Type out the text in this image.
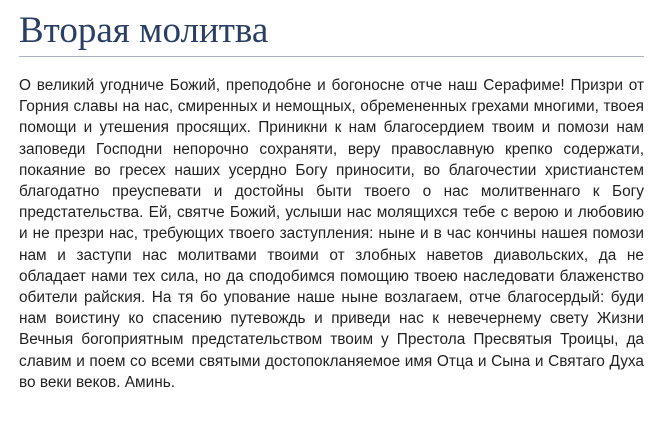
Вторая молитва

О великий угодниче Божий, преподобне и богоносне отче наш Серафиме! Призри от Горния славы на нас, смиренных и немощных, обремененных грехами многими, твоея помощи и утешения просящих. Приникни к нам благосердием твоим и помози нам заповеди Господни непорочно сохраняти, веру православную крепко содержати, покаяние во гресех наших усердно Богу приносити, во благочестии христианстем благодатно преуспевати и достойны быти твоего о нас молитвеннаго к Богу предстательства. Ей, святче Божий, услыши нас молящихся тебе с верою и любовию и не презри нас, требующих твоего заступления: ныне и в час кончины нашея помози нам и заступи нас молитвами твоими от злобных наветов диавольских, да не обладает нами тех сила, но да сподобимся помощию твоею наследовати блаженство обители райския. На тя бо упование наше ныне возлагаем, отче благосердый: буди нам воистину ко спасению путевождь и приведи нас к невечернему свету Жизни Вечныя богоприятным предстательством твоим у Престола Пресвятыя Троицы, да славим и поем со всеми святыми достопокланяемое имя Отца и Сына и Святаго Духа во веки веков. Аминь.
